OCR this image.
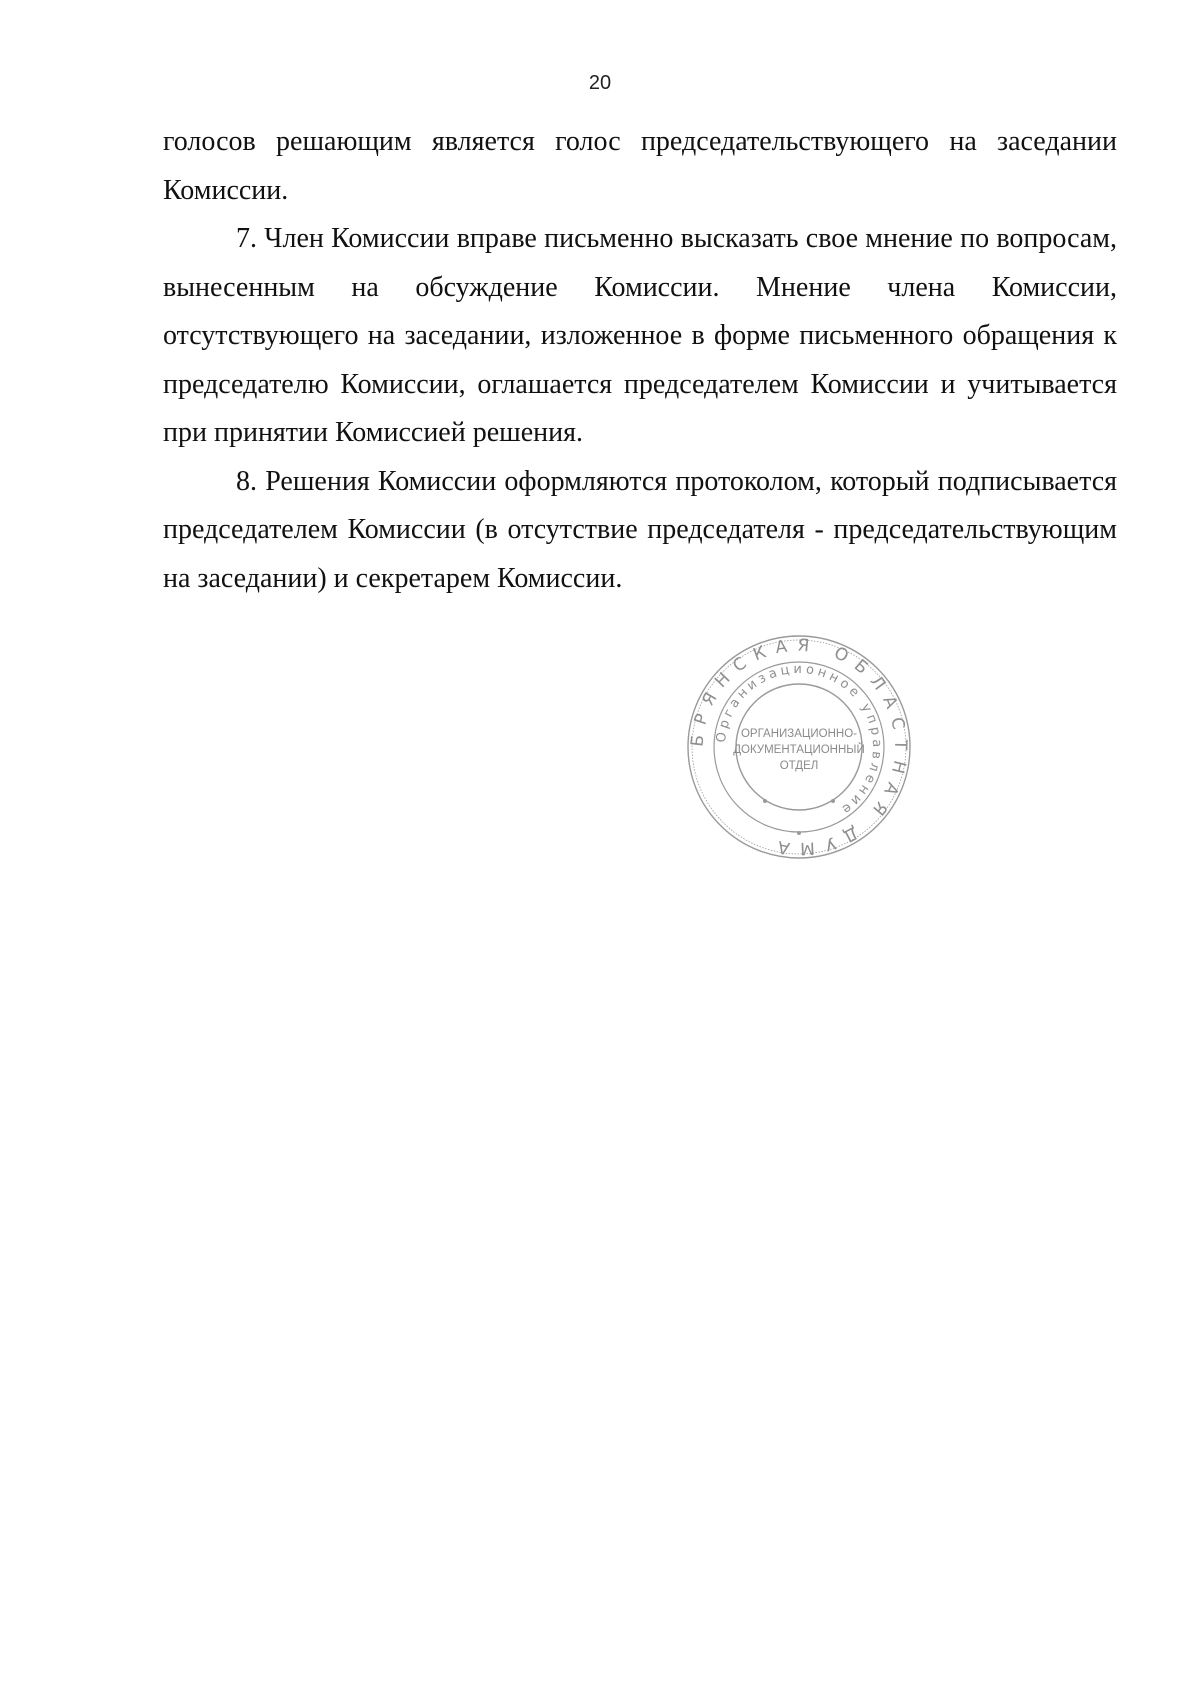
20

голосов решающим является голос председательствующего на заседании Комиссии.

7. Член Комиссии вправе письменно высказать свое мнение по вопросам, вынесенным на обсуждение Комиссии. Мнение члена Комиссии, отсутствующего на заседании, изложенное в форме письменного обращения к председателю Комиссии, оглашается председателем Комиссии и учитывается при принятии Комиссией решения.

8. Решения Комиссии оформляются протоколом, который подписывается председателем Комиссии (в отсутствие председателя - председательствующим на заседании) и секретарем Комиссии.

БРЯНСКАЯ ОБЛАСТНАЯ ДУМА
Организационное управление
ОРГАНИЗАЦИОННО-
ДОКУМЕНТАЦИОННЫЙ
ОТДЕЛ
